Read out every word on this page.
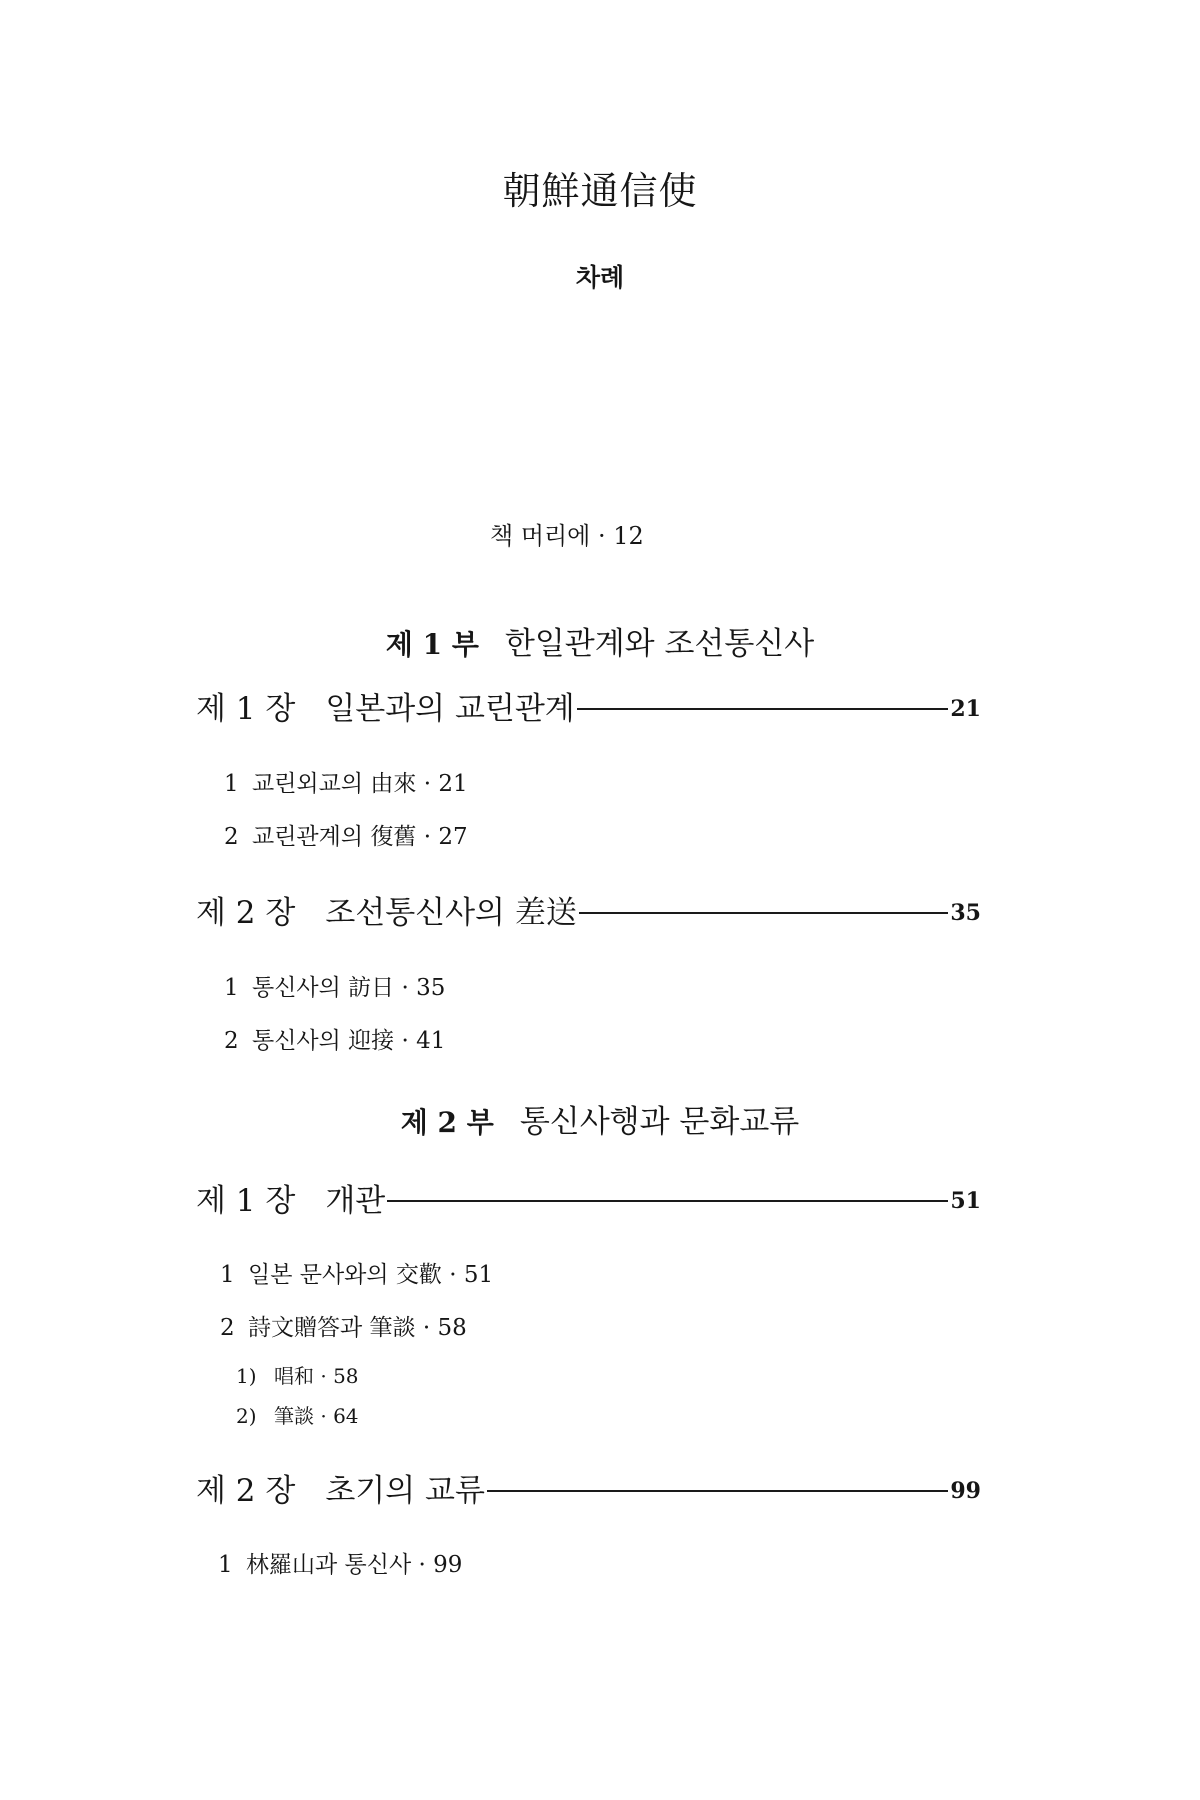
朝鮮通信使
차례
책 머리에 · 12
제 1 부 한일관계와 조선통신사
제 1 장 일본과의 교린관계	21
1 교린외교의 由來 · 21
2 교린관계의 復舊 · 27
제 2 장 조선통신사의 差送	35
1 통신사의 訪日 · 35
2 통신사의 迎接 · 41
제 2 부 통신사행과 문화교류
제 1 장 개관	51
1 일본 문사와의 交歡 · 51
2 詩文贈答과 筆談 · 58
1) 唱和 · 58
2) 筆談 · 64
제 2 장 초기의 교류	99
1 林羅山과 통신사 · 99
